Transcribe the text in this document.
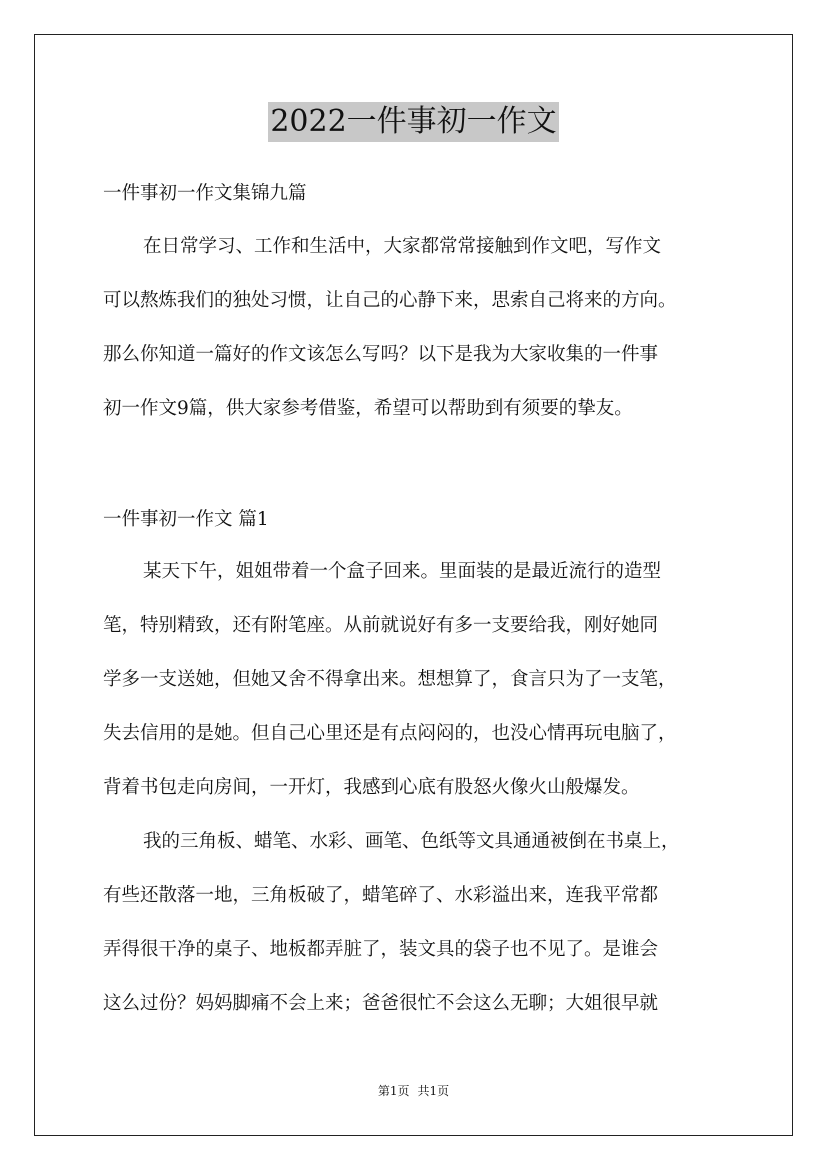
2022一件事初一作文
一件事初一作文集锦九篇
在日常学习、工作和生活中，大家都常常接触到作文吧，写作文
可以熬炼我们的独处习惯，让自己的心静下来，思索自己将来的方向。
那么你知道一篇好的作文该怎么写吗？以下是我为大家收集的一件事
初一作文9篇，供大家参考借鉴，希望可以帮助到有须要的挚友。
一件事初一作文 篇1
某天下午，姐姐带着一个盒子回来。里面装的是最近流行的造型
笔，特别精致，还有附笔座。从前就说好有多一支要给我，刚好她同
学多一支送她，但她又舍不得拿出来。想想算了，食言只为了一支笔，
失去信用的是她。但自己心里还是有点闷闷的，也没心情再玩电脑了，
背着书包走向房间，一开灯，我感到心底有股怒火像火山般爆发。
我的三角板、蜡笔、水彩、画笔、色纸等文具通通被倒在书桌上，
有些还散落一地，三角板破了，蜡笔碎了、水彩溢出来，连我平常都
弄得很干净的桌子、地板都弄脏了，装文具的袋子也不见了。是谁会
这么过份？妈妈脚痛不会上来；爸爸很忙不会这么无聊；大姐很早就
第1页 共1页
